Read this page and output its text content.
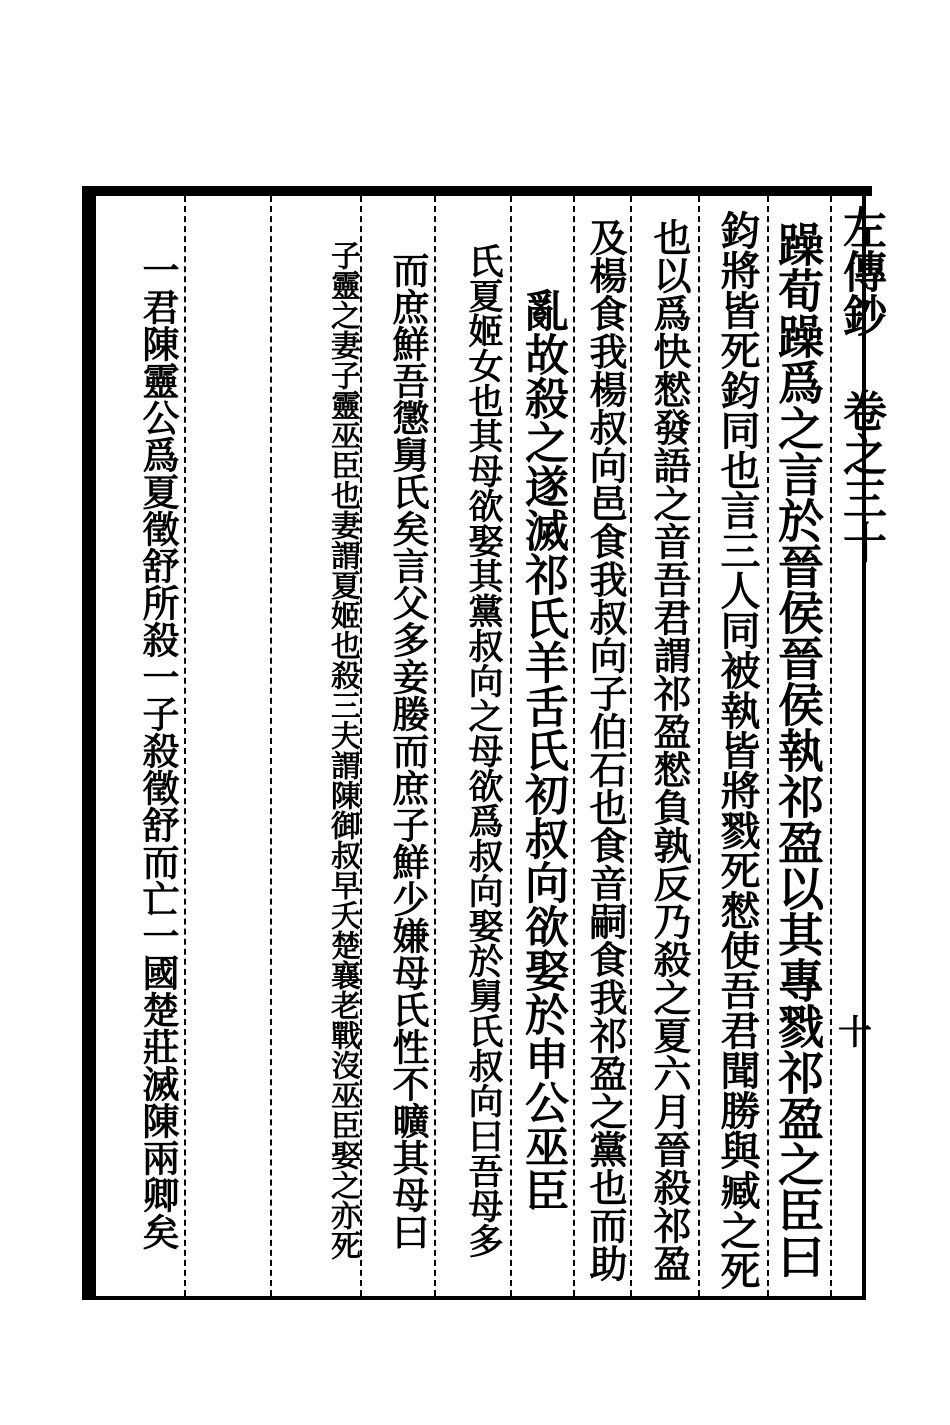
左傳鈔 卷之三十
十
躁荀躁爲之言於晉侯晉侯執祁盈以其專戮祁盈之臣曰
鈞將皆死鈞同也言三人同被執皆將戮死憖使吾君聞勝與臧之死
也以爲快憖發語之音吾君謂祁盈憖負孰反乃殺之夏六月晉殺祁盈
及楊食我楊叔向邑食我叔向子伯石也食音嗣食我祁盈之黨也而助
亂故殺之遂滅祁氏羊舌氏初叔向欲娶於申公巫臣
氏夏姬女也其母欲娶其黨叔向之母欲爲叔向娶於舅氏叔向曰吾母多
而庶鮮吾懲舅氏矣言父多妾媵而庶子鮮少嫌母氏性不曠其母曰
子靈之妻子靈巫臣也妻謂夏姬也殺三夫謂陳御叔早夭楚襄老戰沒巫臣娶之亦死
一君陳靈公爲夏徵舒所殺一子殺徵舒而亡一國楚莊滅陳兩卿矣
